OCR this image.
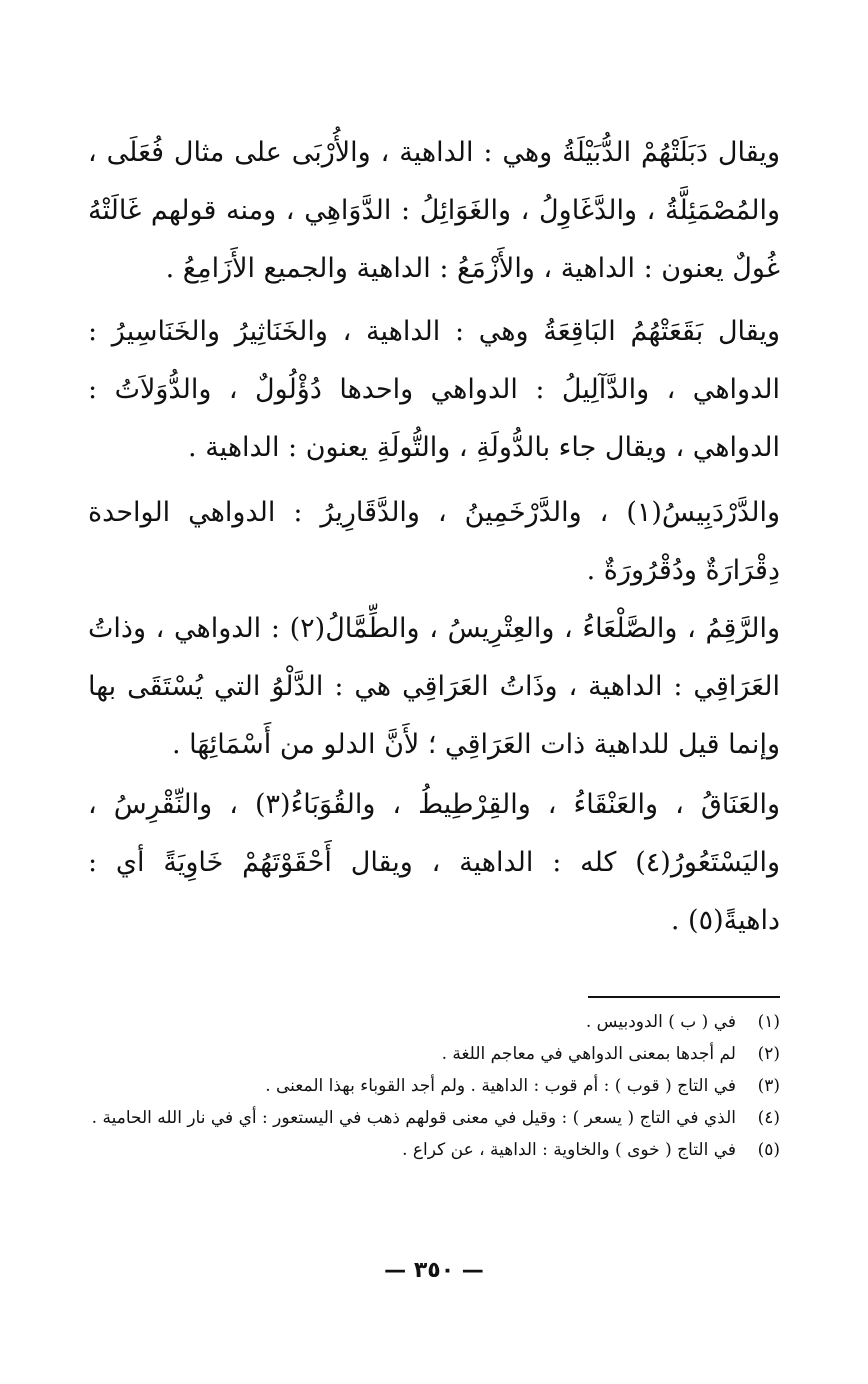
ويقال دَبَلَتْهُمْ الدُّبَيْلَةُ وهي : الداهية ، والأُرْبَى على مثال فُعَلَى ، والمُصْمَئِلَّةُ ، والدَّغَاوِلُ ، والغَوَائِلُ : الدَّوَاهِي ، ومنه قولهم غَالَتْهُ غُولٌ يعنون : الداهية ، والأَزْمَعُ : الداهية والجميع الأَزَامِعُ .

ويقال بَقَعَتْهُمُ البَاقِعَةُ وهي : الداهية ، والخَنَاثِيرُ والخَنَاسِيرُ : الدواهي ، والدَّآلِيلُ : الدواهي واحدها دُؤْلُولٌ ، والدُّوَلاَتُ : الدواهي ، ويقال جاء بالدُّولَةِ ، والتُّولَةِ يعنون : الداهية .

والدَّرْدَبِيسُ(١) ، والدَّرْخَمِينُ ، والدَّقَارِيرُ : الدواهي الواحدة دِقْرَارَةٌ ودُقْرُورَةٌ .

والرَّقِمُ ، والصَّلْعَاءُ ، والعِتْرِيسُ ، والطِّمَّالُ(٢) : الدواهي ، وذاتُ العَرَاقِي : الداهية ، وذَاتُ العَرَاقِي هي : الدَّلْوُ التي يُسْتَقَى بها وإنما قيل للداهية ذات العَرَاقِي ؛ لأَنَّ الدلو من أَسْمَائِهَا .

والعَنَاقُ ، والعَنْقَاءُ ، والقِرْطِيطُ ، والقُوَبَاءُ(٣) ، والنِّقْرِسُ ، واليَسْتَعُورُ(٤) كله : الداهية ، ويقال أَحْقَوْتَهُمْ خَاوِيَةً أي : داهيةً(٥) .

(١)
في ( ب ) الدودبيس .
(٢)
لم أجدها بمعنى الدواهي في معاجم اللغة .
(٣)
في التاج ( قوب ) : أم قوب : الداهية . ولم أجد القوباء بهذا المعنى .
(٤)
الذي في التاج ( يسعر ) : وقيل في معنى قولهم ذهب في اليستعور : أي في نار الله الحامية .
(٥)
في التاج ( خوى ) والخاوية : الداهية ، عن كراع .
— ٣٥٠ —
